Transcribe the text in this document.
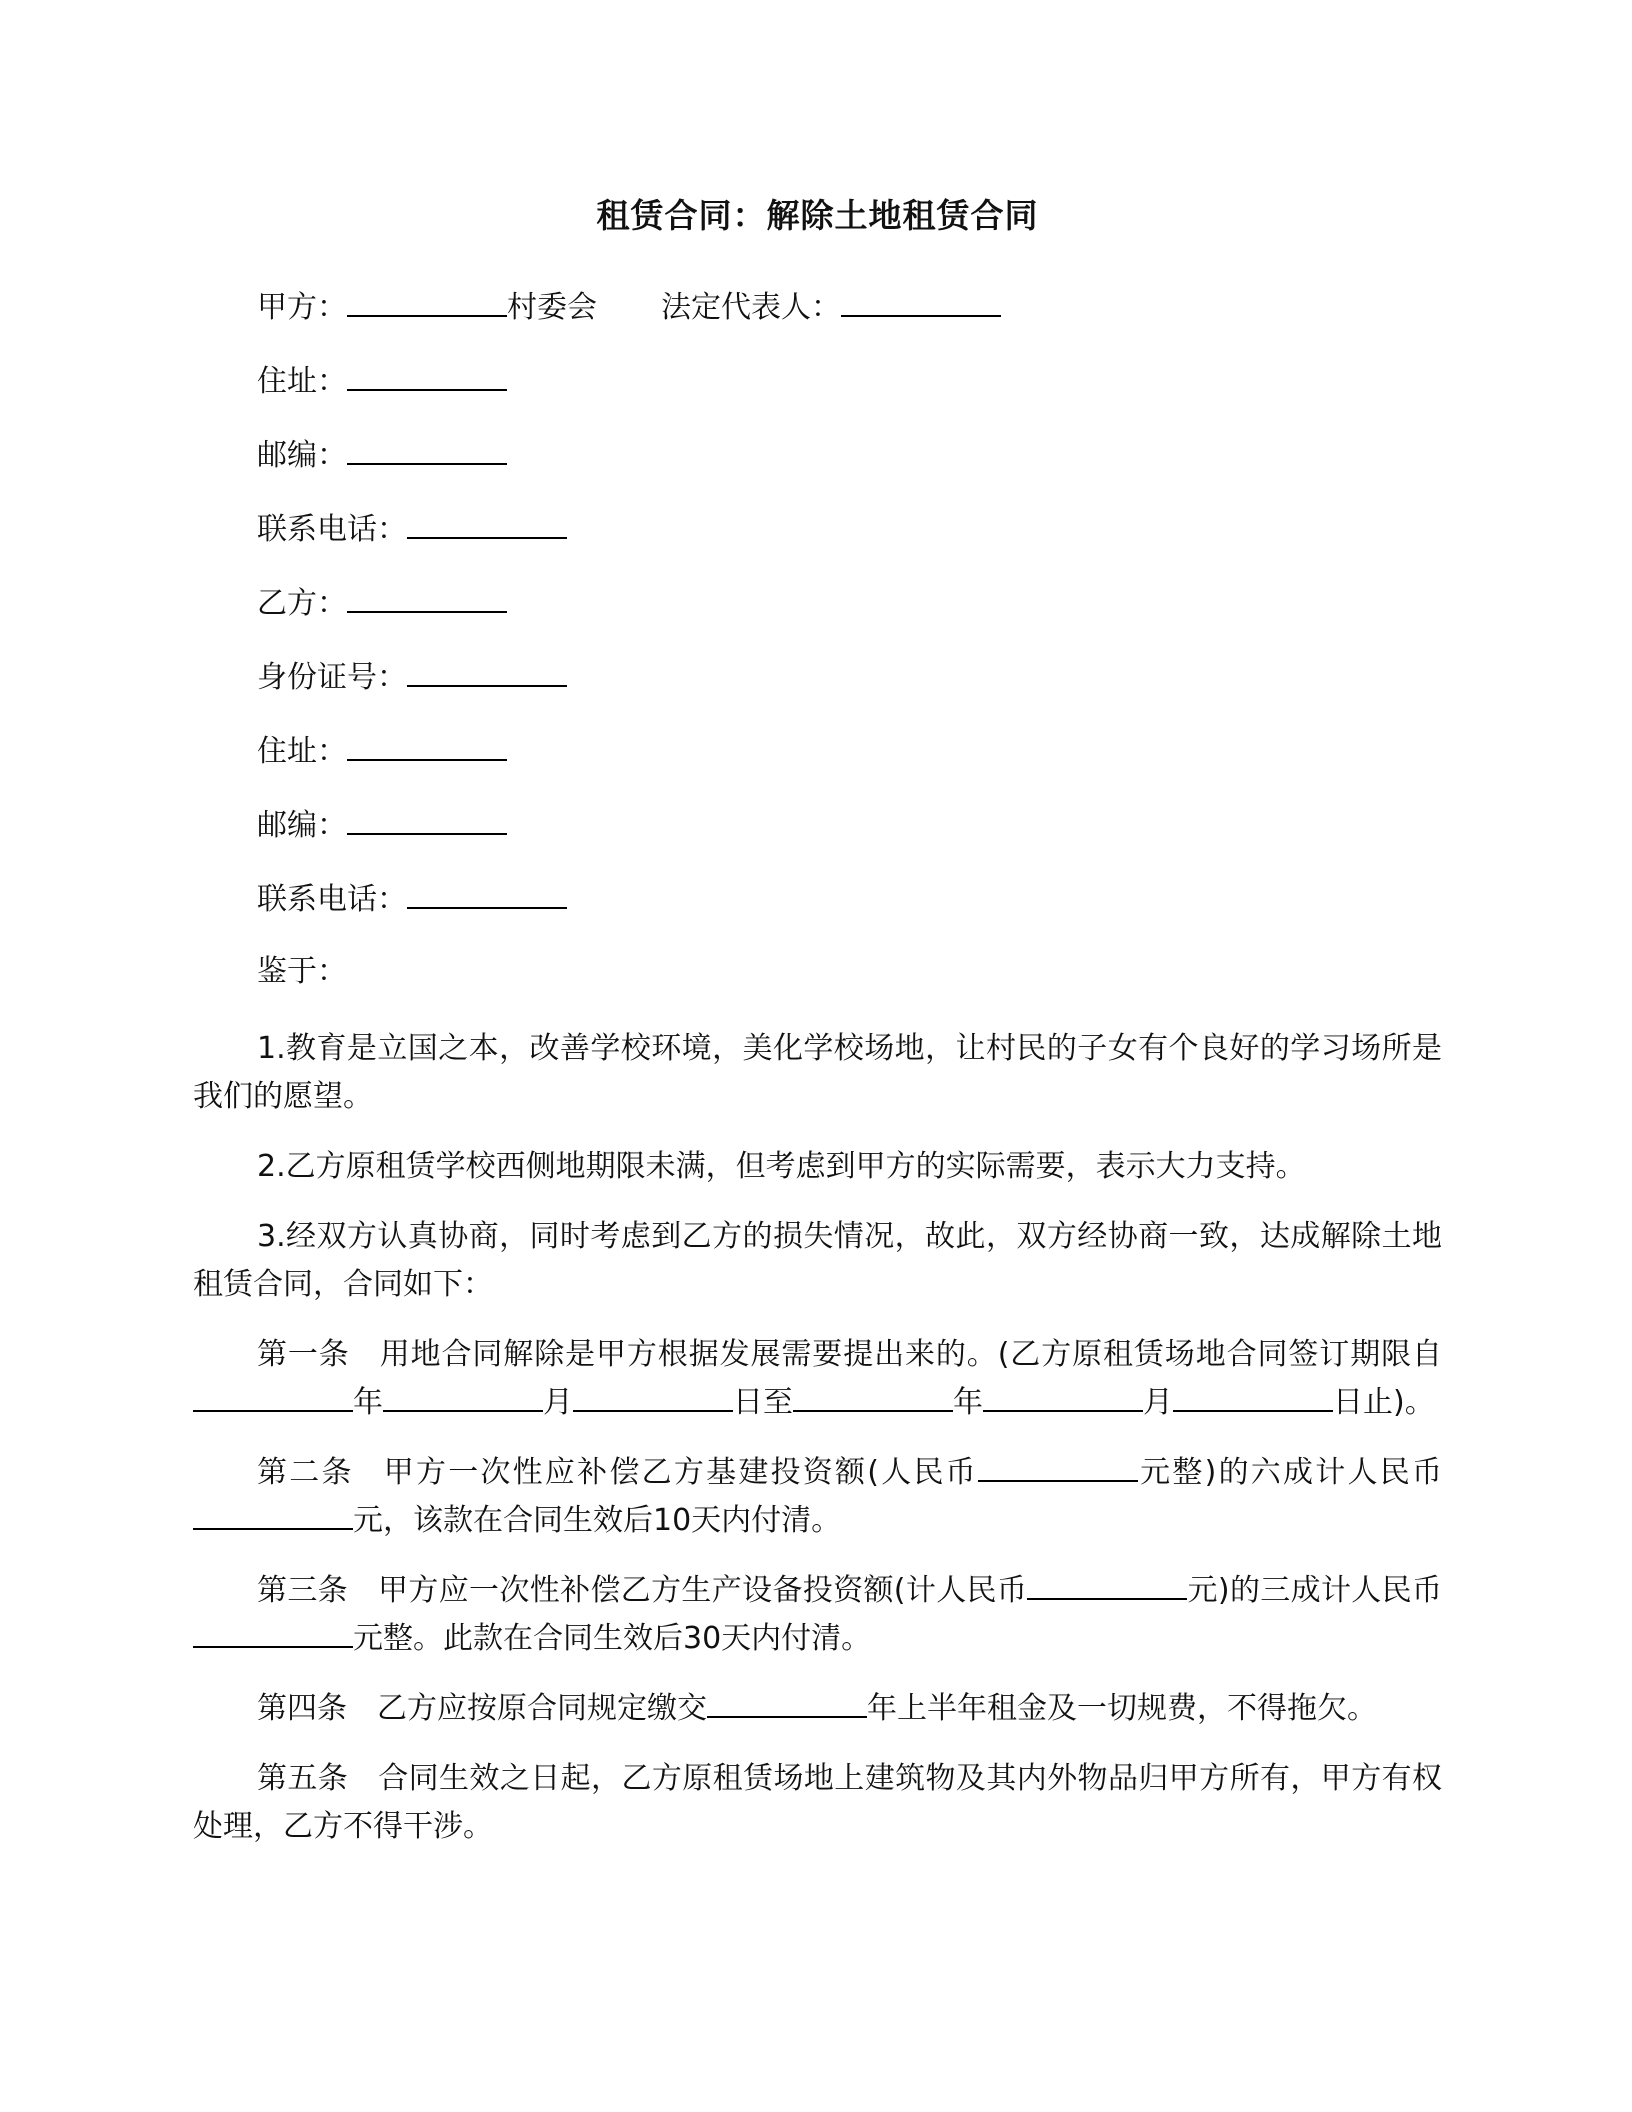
租赁合同：解除土地租赁合同
甲方：	村委会 法定代表人：
住址：
邮编：
联系电话：
乙方：
身份证号：
住址：
邮编：
联系电话：
鉴于：

1.教育是立国之本，改善学校环境，美化学校场地，让村民的子女有个良好的学习场所是我们的愿望。

2.乙方原租赁学校西侧地期限未满，但考虑到甲方的实际需要，表示大力支持。

3.经双方认真协商，同时考虑到乙方的损失情况，故此，双方经协商一致，达成解除土地租赁合同，合同如下：

第一条 用地合同解除是甲方根据发展需要提出来的。(乙方原租赁场地合同签订期限自年	月	日至	年	月	日止)。

第二条 甲方一次性应补偿乙方基建投资额(人民币	元整)的六成计人民币元，该款在合同生效后10天内付清。

第三条 甲方应一次性补偿乙方生产设备投资额(计人民币	元)的三成计人民币元整。此款在合同生效后30天内付清。

第四条 乙方应按原合同规定缴交	年上半年租金及一切规费，不得拖欠。

第五条 合同生效之日起，乙方原租赁场地上建筑物及其内外物品归甲方所有，甲方有权处理，乙方不得干涉。
